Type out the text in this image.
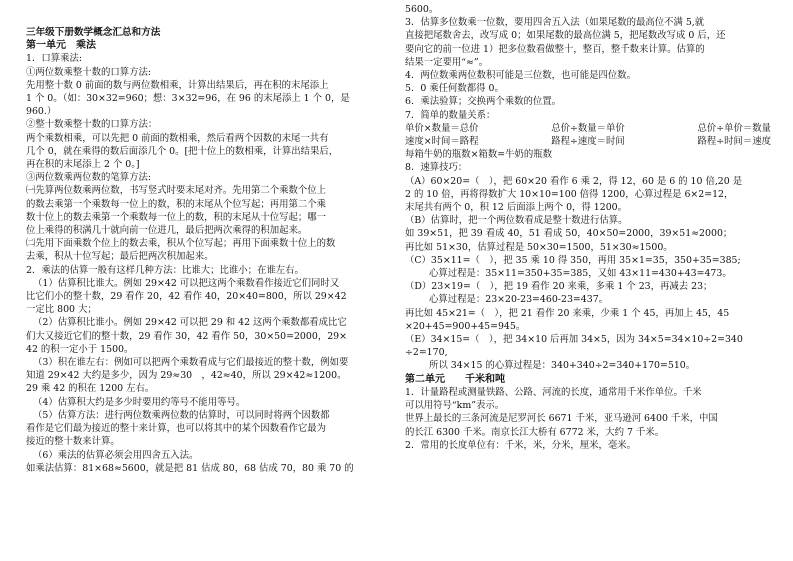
三年级下册数学概念汇总和方法
第一单元　乘法
1．口算乘法:
①两位数乘整十数的口算方法:
先用整十数 0 前面的数与两位数相乘，计算出结果后，再在积的末尾添上
1 个 0。（如：30×32=960；想：3×32=96，在 96 的末尾添上 1 个 0，是
960.）
②整十数乘整十数的口算方法：
两个乘数相乘，可以先把 0 前面的数相乘，然后看两个因数的末尾一共有
几个 0，就在乘得的数后面添几个 0。[把十位上的数相乘，计算出结果后，
再在积的末尾添上 2 个 0。]
③两位数乘两位数的笔算方法:
㈠先算两位数乘两位数，书写竖式时要末尾对齐。先用第二个乘数个位上
的数去乘第一个乘数每一位上的数，积的末尾从个位写起；再用第二个乘
数十位上的数去乘第一个乘数每一位上的数，积的末尾从十位写起；哪一
位上乘得的积满几十就向前一位进几，最后把两次乘得的积加起来。
㈡先用下面乘数个位上的数去乘，积从个位写起；再用下面乘数十位上的数
去乘，积从十位写起；最后把两次积加起来。
2．乘法的估算一般有这样几种方法：比谁大；比谁小；在谁左右。
（1）估算积比谁大。例如 29×42 可以把这两个乘数看作接近它们同时又
比它们小的整十数，29 看作 20，42 看作 40，20×40=800，所以 29×42
一定比 800 大；
（2）估算积比谁小。例如 29×42 可以把 29 和 42 这两个乘数都看成比它
们大又接近它们的整十数，29 看作 30，42 看作 50，30×50=2000，29×
42 的积一定小于 1500。
（3）积在谁左右：例如可以把两个乘数看成与它们最接近的整十数，例如要
知道 29×42 大约是多少，因为 29≈30　，42≈40，所以 29×42≈1200。
29 乘 42 的积在 1200 左右。
（4）估算积大约是多少时要用约等号不能用等号。
（5）估算方法：进行两位数乘两位数的估算时，可以同时将两个因数都
看作是它们最为接近的整十来计算，也可以将其中的某个因数看作它最为
接近的整十数来计算。
（6）乘法的估算必须会用四舍五入法。
如乘法估算：81×68≈5600，就是把 81 估成 80，68 估成 70，80 乘 70 的
5600。
3．估算多位数乘一位数，要用四舍五入法（如果尾数的最高位不满 5,就
直接把尾数舍去，改写成 0；如果尾数的最高位满 5，把尾数改写成 0 后，还
要向它的前一位进 1）把多位数看做整十，整百，整千数来计算。估算的
结果一定要用“≈”。
4．两位数乘两位数积可能是三位数，也可能是四位数。
5．0 乘任何数都得 0。
6．乘法验算；交换两个乘数的位置。
7．简单的数量关系：
单价×数量＝总价	总价÷数量＝单价	总价÷单价＝数量
速度×时间＝路程	路程÷速度＝时间	路程÷时间＝速度
每箱牛奶的瓶数×箱数=牛奶的瓶数
8．速算技巧：
（A）60×20=（　），把 60×20 看作 6 乘 2，得 12，60 是 6 的 10 倍,20 是
2 的 10 倍，再将得数扩大 10×10=100 倍得 1200，心算过程是 6×2=12，
末尾共有两个 0，积 12 后面添上两个 0，得 1200。
（B）估算时，把一个两位数看成是整十数进行估算。
如 39×51，把 39 看成 40，51 看成 50，40×50=2000，39×51≈2000；
再比如 51×30，估算过程是 50×30=1500，51×30≈1500。
（C）35×11=（　），把 35 乘 10 得 350，再用 35×1=35，350+35=385;
心算过程是：35×11=350+35=385，又如 43×11=430+43=473。
（D）23×19=（　），把 19 看作 20 来乘，多乘 1 个 23，再减去 23；
心算过程是：23×20-23=460-23=437。
再比如 45×21=（　），把 21 看作 20 来乘，少乘 1 个 45，再加上 45，45
×20+45=900+45=945。
（E）34×15=（　），把 34×10 后再加 34×5，因为 34×5=34×10÷2=340
÷2=170,
所以 34×15 的心算过程是：340+340÷2=340+170=510。
第二单元　　千米和吨
1．计量路程或测量铁路、公路、河流的长度，通常用千米作单位。千米
可以用符号“km”表示。
世界上最长的三条河流是尼罗河长 6671 千米，亚马逊河 6400 千米，中国
的长江 6300 千米。南京长江大桥有 6772 米，大约 7 千米。
2．常用的长度单位有：千米，米，分米，厘米，毫米。
